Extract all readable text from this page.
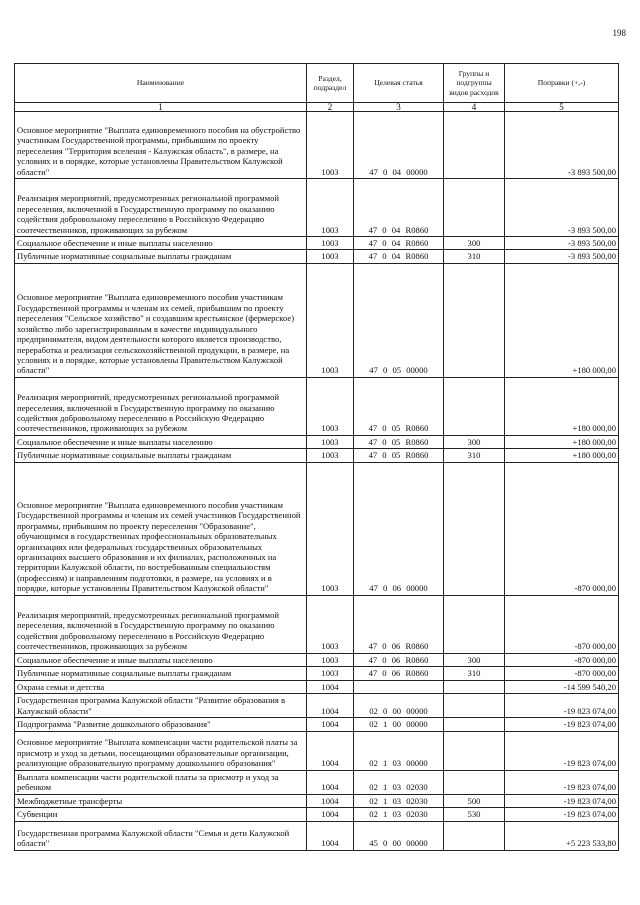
198
Наименование	Раздел, подраздел	Целевая статья	Группы и подгруппы видов расходов	Поправки (+,-)
1	2	3	4	5
Основное мероприятие "Выплата единовременного пособия на обустройство участникам Государственной программы, прибывшим по проекту переселения "Территория вселения - Калужская область", в размере, на условиях и в порядке, которые установлены Правительством Калужской области"	1003	47 0 04 00000		-3 893 500,00
Реализация мероприятий, предусмотренных региональной программой переселения, включенной в Государственную программу по оказанию содействия добровольному переселению в Российскую Федерацию соотечественников, проживающих за рубежом	1003	47 0 04 R0860		-3 893 500,00
Социальное обеспечение и иные выплаты населению	1003	47 0 04 R0860	300	-3 893 500,00
Публичные нормативные социальные выплаты гражданам	1003	47 0 04 R0860	310	-3 893 500,00
Основное мероприятие "Выплата единовременного пособия участникам Государственной программы и членам их семей, прибывшим по проекту переселения "Сельское хозяйство" и создавшим крестьянское (фермерское) хозяйство либо зарегистрированным в качестве индивидуального предпринимателя, видом деятельности которого является производство, переработка и реализация сельскохозяйственной продукции, в размере, на условиях и в порядке, которые установлены Правительством Калужской области"	1003	47 0 05 00000		+180 000,00
Реализация мероприятий, предусмотренных региональной программой переселения, включенной в Государственную программу по оказанию содействия добровольному переселению в Российскую Федерацию соотечественников, проживающих за рубежом	1003	47 0 05 R0860		+180 000,00
Социальное обеспечение и иные выплаты населению	1003	47 0 05 R0860	300	+180 000,00
Публичные нормативные социальные выплаты гражданам	1003	47 0 05 R0860	310	+180 000,00
Основное мероприятие "Выплата единовременного пособия участникам Государственной программы и членам их семей участников Государственной программы, прибывшим по проекту переселения "Образование", обучающимся в государственных профессиональных образовательных организациях или федеральных государственных образовательных организациях высшего образования и их филиалах, расположенных на территории Калужской области, по востребованным специальностям (профессиям) и направлениям подготовки, в размере, на условиях и в порядке, которые установлены Правительством Калужской области"	1003	47 0 06 00000		-870 000,00
Реализация мероприятий, предусмотренных региональной программой переселения, включенной в Государственную программу по оказанию содействия добровольному переселению в Российскую Федерацию соотечественников, проживающих за рубежом	1003	47 0 06 R0860		-870 000,00
Социальное обеспечение и иные выплаты населению	1003	47 0 06 R0860	300	-870 000,00
Публичные нормативные социальные выплаты гражданам	1003	47 0 06 R0860	310	-870 000,00
Охрана семьи и детства	1004			-14 599 540,20
Государственная программа Калужской области "Развитие образования в Калужской области"	1004	02 0 00 00000		-19 823 074,00
Подпрограмма "Развитие дошкольного образования"	1004	02 1 00 00000		-19 823 074,00
Основное мероприятие "Выплата компенсации части родительской платы за присмотр и уход за детьми, посещающими образовательные организации, реализующие образовательную программу дошкольного образования"	1004	02 1 03 00000		-19 823 074,00
Выплата компенсации части родительской платы за присмотр и уход за ребенком	1004	02 1 03 02030		-19 823 074,00
Межбюджетные трансферты	1004	02 1 03 02030	500	-19 823 074,00
Субвенции	1004	02 1 03 02030	530	-19 823 074,00
Государственная программа Калужской области "Семья и дети Калужской области"	1004	45 0 00 00000		+5 223 533,80
